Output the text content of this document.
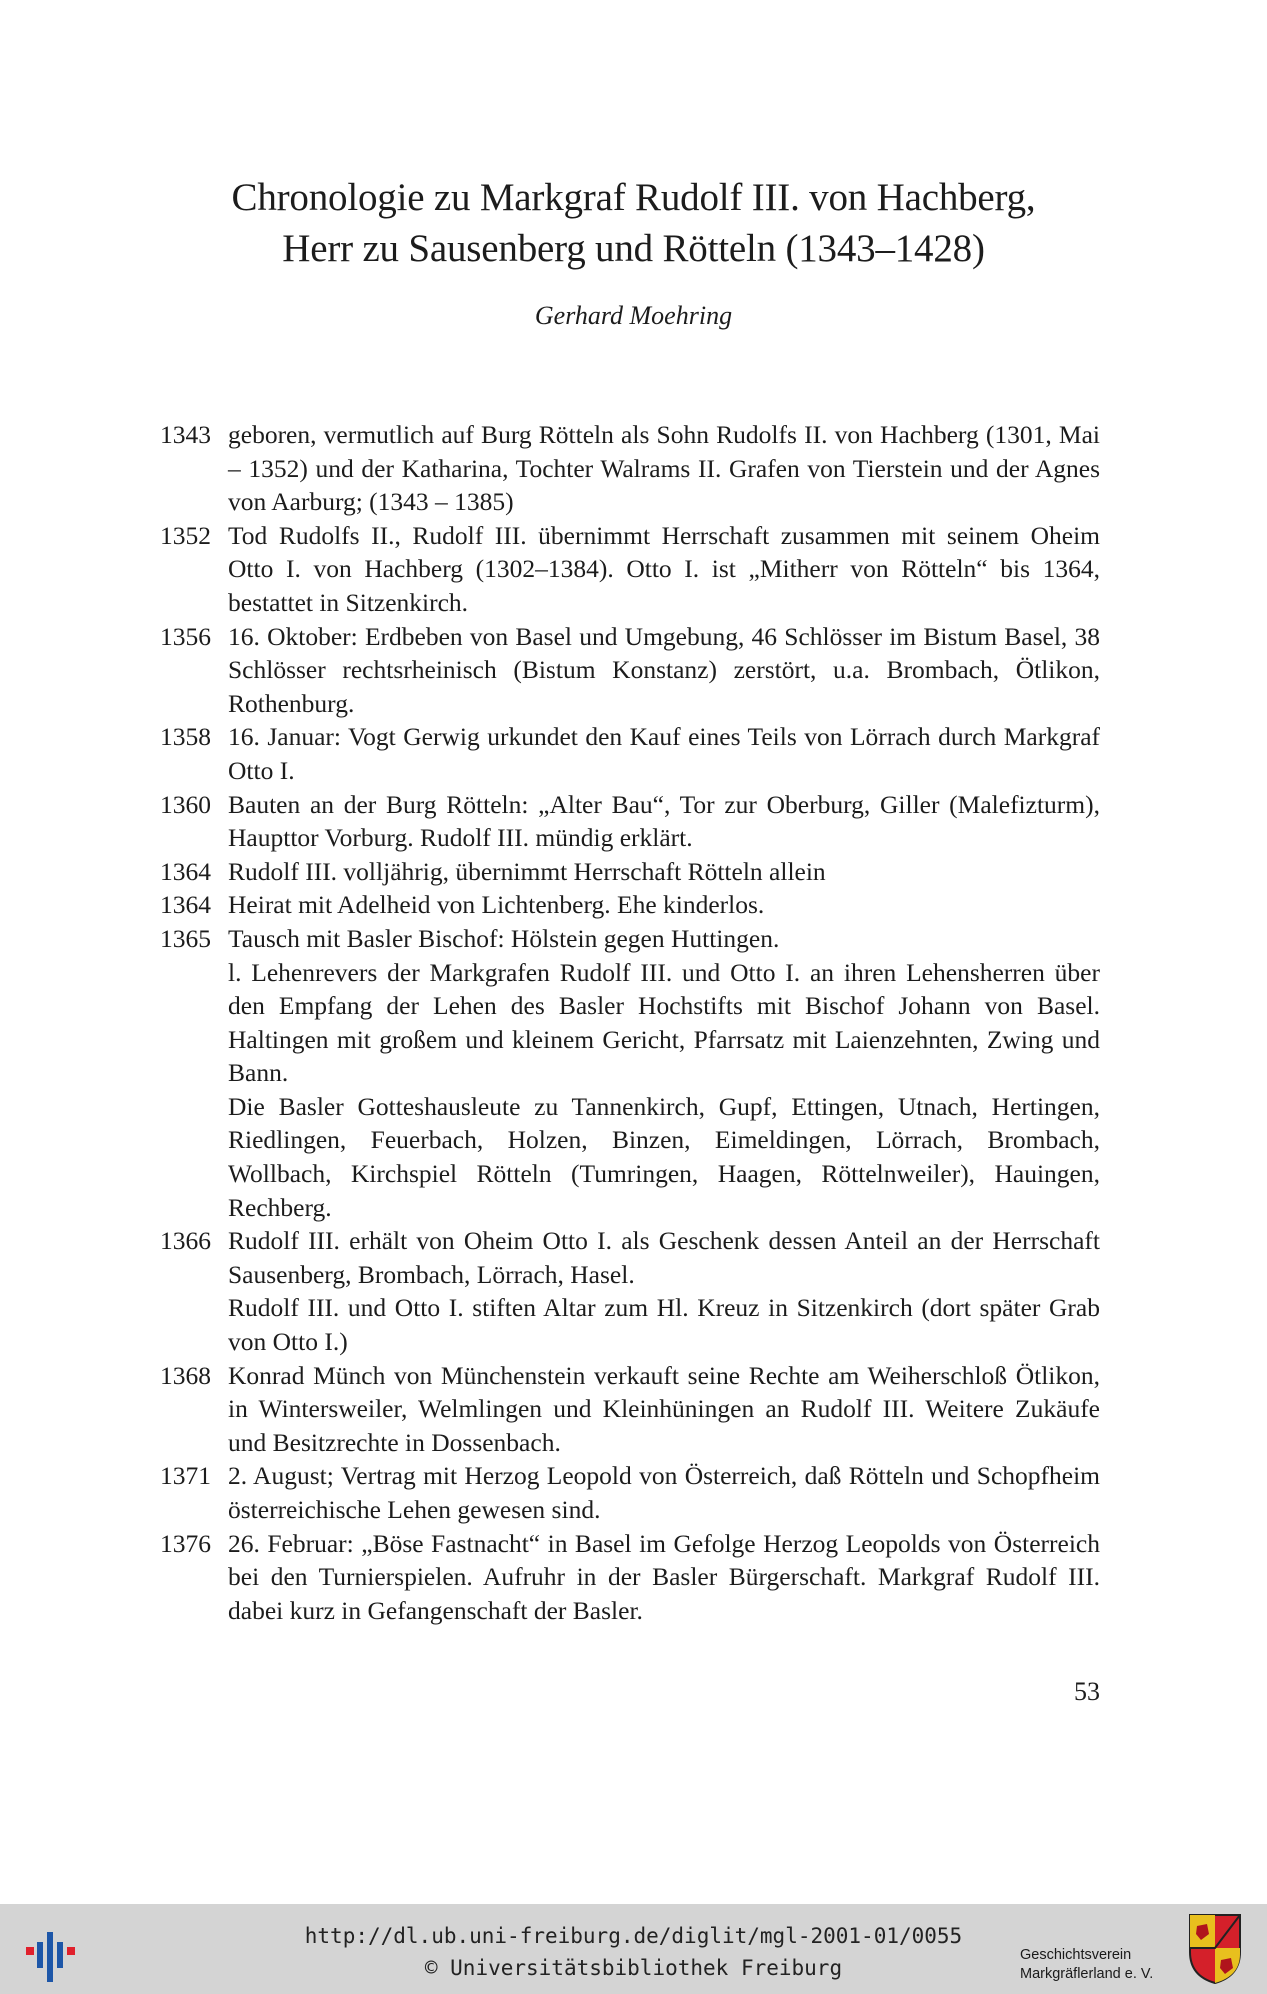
Chronologie zu Markgraf Rudolf III. von Hachberg,
Herr zu Sausenberg und Rötteln (1343–1428)
Gerhard Moehring
1343 geboren, vermutlich auf Burg Rötteln als Sohn Rudolfs II. von Hachberg (1301, Mai – 1352) und der Katharina, Tochter Walrams II. Grafen von Tierstein und der Agnes von Aarburg; (1343 – 1385)
1352 Tod Rudolfs II., Rudolf III. übernimmt Herrschaft zusammen mit seinem Oheim Otto I. von Hachberg (1302–1384). Otto I. ist „Mitherr von Rötteln“ bis 1364, bestattet in Sitzenkirch.
1356 16. Oktober: Erdbeben von Basel und Umgebung, 46 Schlösser im Bistum Basel, 38 Schlösser rechtsrheinisch (Bistum Konstanz) zerstört, u.a. Brombach, Ötlikon, Rothenburg.
1358 16. Januar: Vogt Gerwig urkundet den Kauf eines Teils von Lörrach durch Markgraf Otto I.
1360 Bauten an der Burg Rötteln: „Alter Bau“, Tor zur Oberburg, Giller (Malefizturm), Haupttor Vorburg. Rudolf III. mündig erklärt.
1364 Rudolf III. volljährig, übernimmt Herrschaft Rötteln allein
1364 Heirat mit Adelheid von Lichtenberg. Ehe kinderlos.
1365 Tausch mit Basler Bischof: Hölstein gegen Huttingen.
l. Lehenrevers der Markgrafen Rudolf III. und Otto I. an ihren Lehensherren über den Empfang der Lehen des Basler Hochstifts mit Bischof Johann von Basel. Haltingen mit großem und kleinem Gericht, Pfarrsatz mit Laienzehnten, Zwing und Bann.
Die Basler Gotteshausleute zu Tannenkirch, Gupf, Ettingen, Utnach, Hertingen, Riedlingen, Feuerbach, Holzen, Binzen, Eimeldingen, Lörrach, Brombach, Wollbach, Kirchspiel Rötteln (Tumringen, Haagen, Röttelnweiler), Hauingen, Rechberg.
1366 Rudolf III. erhält von Oheim Otto I. als Geschenk dessen Anteil an der Herrschaft Sausenberg, Brombach, Lörrach, Hasel.
Rudolf III. und Otto I. stiften Altar zum Hl. Kreuz in Sitzenkirch (dort später Grab von Otto I.)
1368 Konrad Münch von Münchenstein verkauft seine Rechte am Weiherschloß Ötlikon, in Wintersweiler, Welmlingen und Kleinhüningen an Rudolf III. Weitere Zukäufe und Besitzrechte in Dossenbach.
1371 2. August; Vertrag mit Herzog Leopold von Österreich, daß Rötteln und Schopfheim österreichische Lehen gewesen sind.
1376 26. Februar: „Böse Fastnacht“ in Basel im Gefolge Herzog Leopolds von Österreich bei den Turnierspielen. Aufruhr in der Basler Bürgerschaft. Markgraf Rudolf III. dabei kurz in Gefangenschaft der Basler.
53
http://dl.ub.uni-freiburg.de/diglit/mgl-2001-01/0055
© Universitätsbibliothek Freiburg
Geschichtsverein
Markgräflerland e. V.
